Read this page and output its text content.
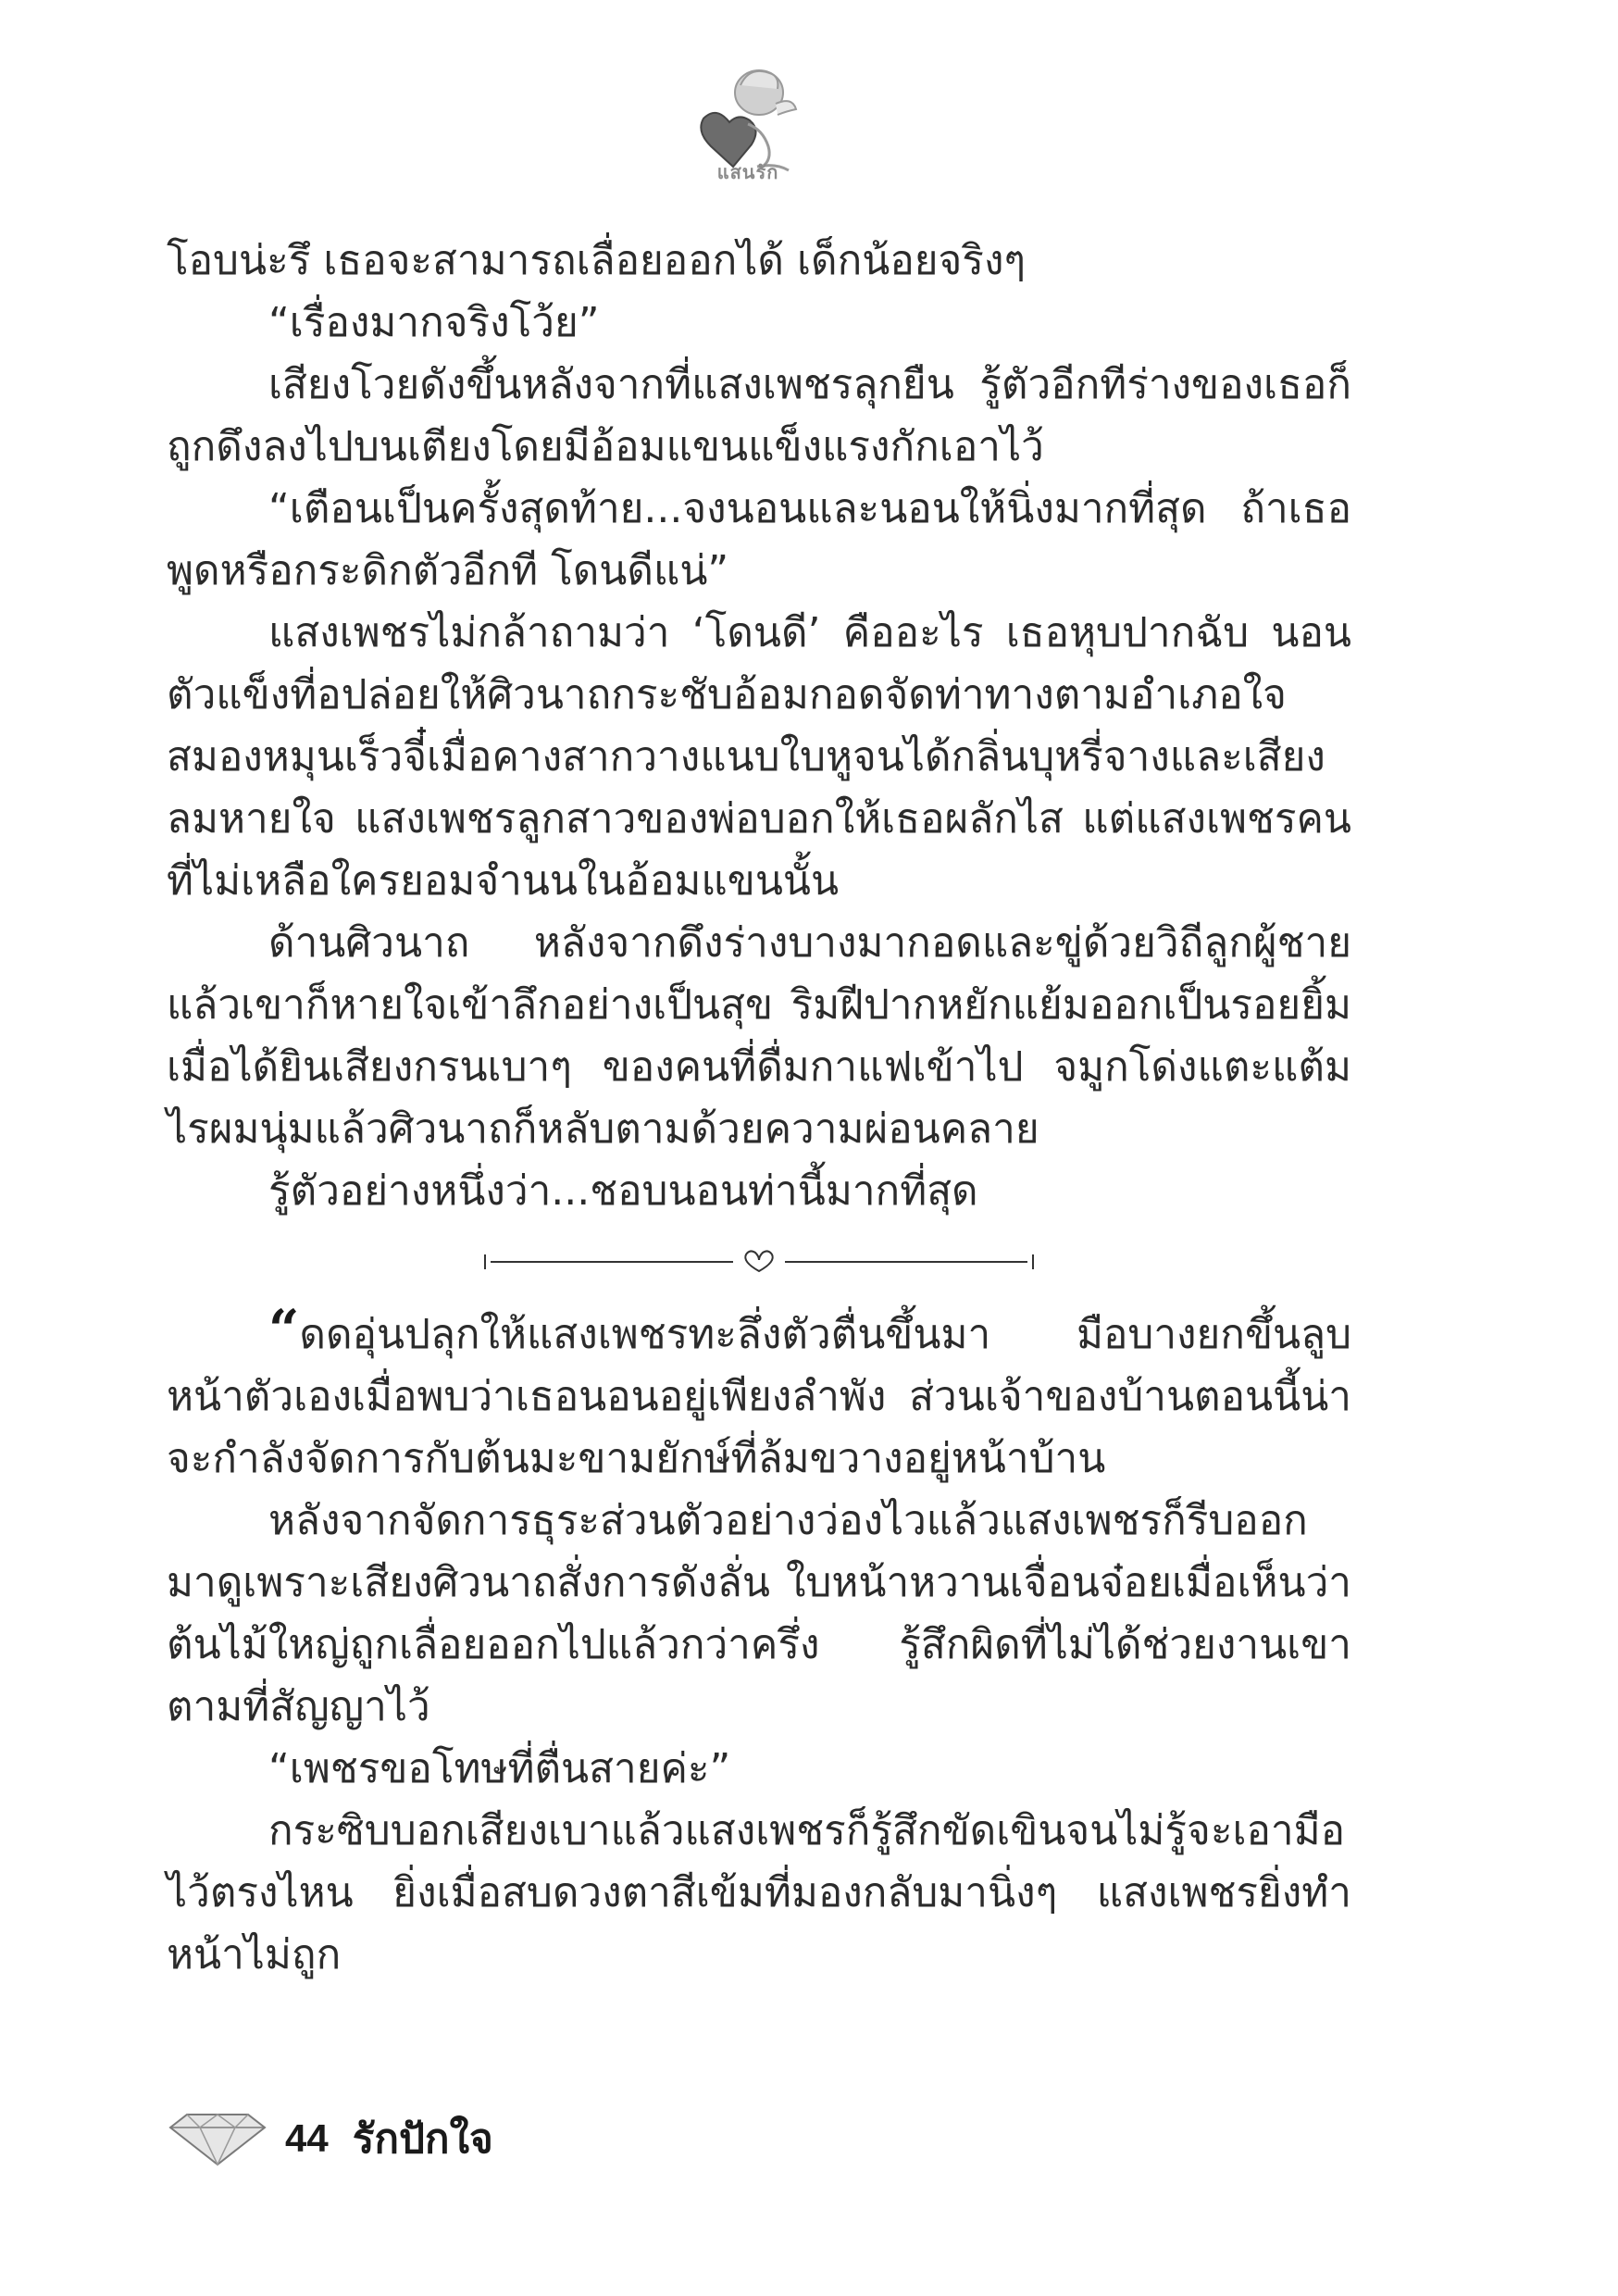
แสนรัก

โอบน่ะรึ เธอจะสามารถเลื่อยออกได้ เด็กน้อยจริงๆ

“เรื่องมากจริงโว้ย”

เสียงโวยดังขึ้นหลังจากที่แสงเพชรลุกยืน รู้ตัวอีกทีร่างของเธอก็ถูกดึงลงไปบนเตียงโดยมีอ้อมแขนแข็งแรงกักเอาไว้

“เตือนเป็นครั้งสุดท้าย...จงนอนและนอนให้นิ่งมากที่สุด ถ้าเธอพูดหรือกระดิกตัวอีกที โดนดีแน่”

แสงเพชรไม่กล้าถามว่า ‘โดนดี’ คืออะไร เธอหุบปากฉับ นอนตัวแข็งที่อปล่อยให้ศิวนาถกระชับอ้อมกอดจัดท่าทางตามอำเภอใจ สมองหมุนเร็วจี๋เมื่อคางสากวางแนบใบหูจนได้กลิ่นบุหรี่จางและเสียงลมหายใจ แสงเพชรลูกสาวของพ่อบอกให้เธอผลักไส แต่แสงเพชรคนที่ไม่เหลือใครยอมจำนนในอ้อมแขนนั้น

ด้านศิวนาถ หลังจากดึงร่างบางมากอดและขู่ด้วยวิถีลูกผู้ชายแล้วเขาก็หายใจเข้าลึกอย่างเป็นสุข ริมฝีปากหยักแย้มออกเป็นรอยยิ้มเมื่อได้ยินเสียงกรนเบาๆ ของคนที่ดื่มกาแฟเข้าไป จมูกโด่งแตะแต้มไรผมนุ่มแล้วศิวนาถก็หลับตามด้วยความผ่อนคลาย

รู้ตัวอย่างหนึ่งว่า...ชอบนอนท่านี้มากที่สุด

“ดดอุ่นปลุกให้แสงเพชรทะลึ่งตัวตื่นขึ้นมา มือบางยกขึ้นลูบหน้าตัวเองเมื่อพบว่าเธอนอนอยู่เพียงลำพัง ส่วนเจ้าของบ้านตอนนี้น่าจะกำลังจัดการกับต้นมะขามยักษ์ที่ล้มขวางอยู่หน้าบ้าน

หลังจากจัดการธุระส่วนตัวอย่างว่องไวแล้วแสงเพชรก็รีบออกมาดูเพราะเสียงศิวนาถสั่งการดังลั่น ใบหน้าหวานเจื่อนจ๋อยเมื่อเห็นว่าต้นไม้ใหญ่ถูกเลื่อยออกไปแล้วกว่าครึ่ง รู้สึกผิดที่ไม่ได้ช่วยงานเขาตามที่สัญญาไว้

“เพชรขอโทษที่ตื่นสายค่ะ”

กระซิบบอกเสียงเบาแล้วแสงเพชรก็รู้สึกขัดเขินจนไม่รู้จะเอามือไว้ตรงไหน ยิ่งเมื่อสบดวงตาสีเข้มที่มองกลับมานิ่งๆ แสงเพชรยิ่งทำหน้าไม่ถูก

44 รักปักใจ
